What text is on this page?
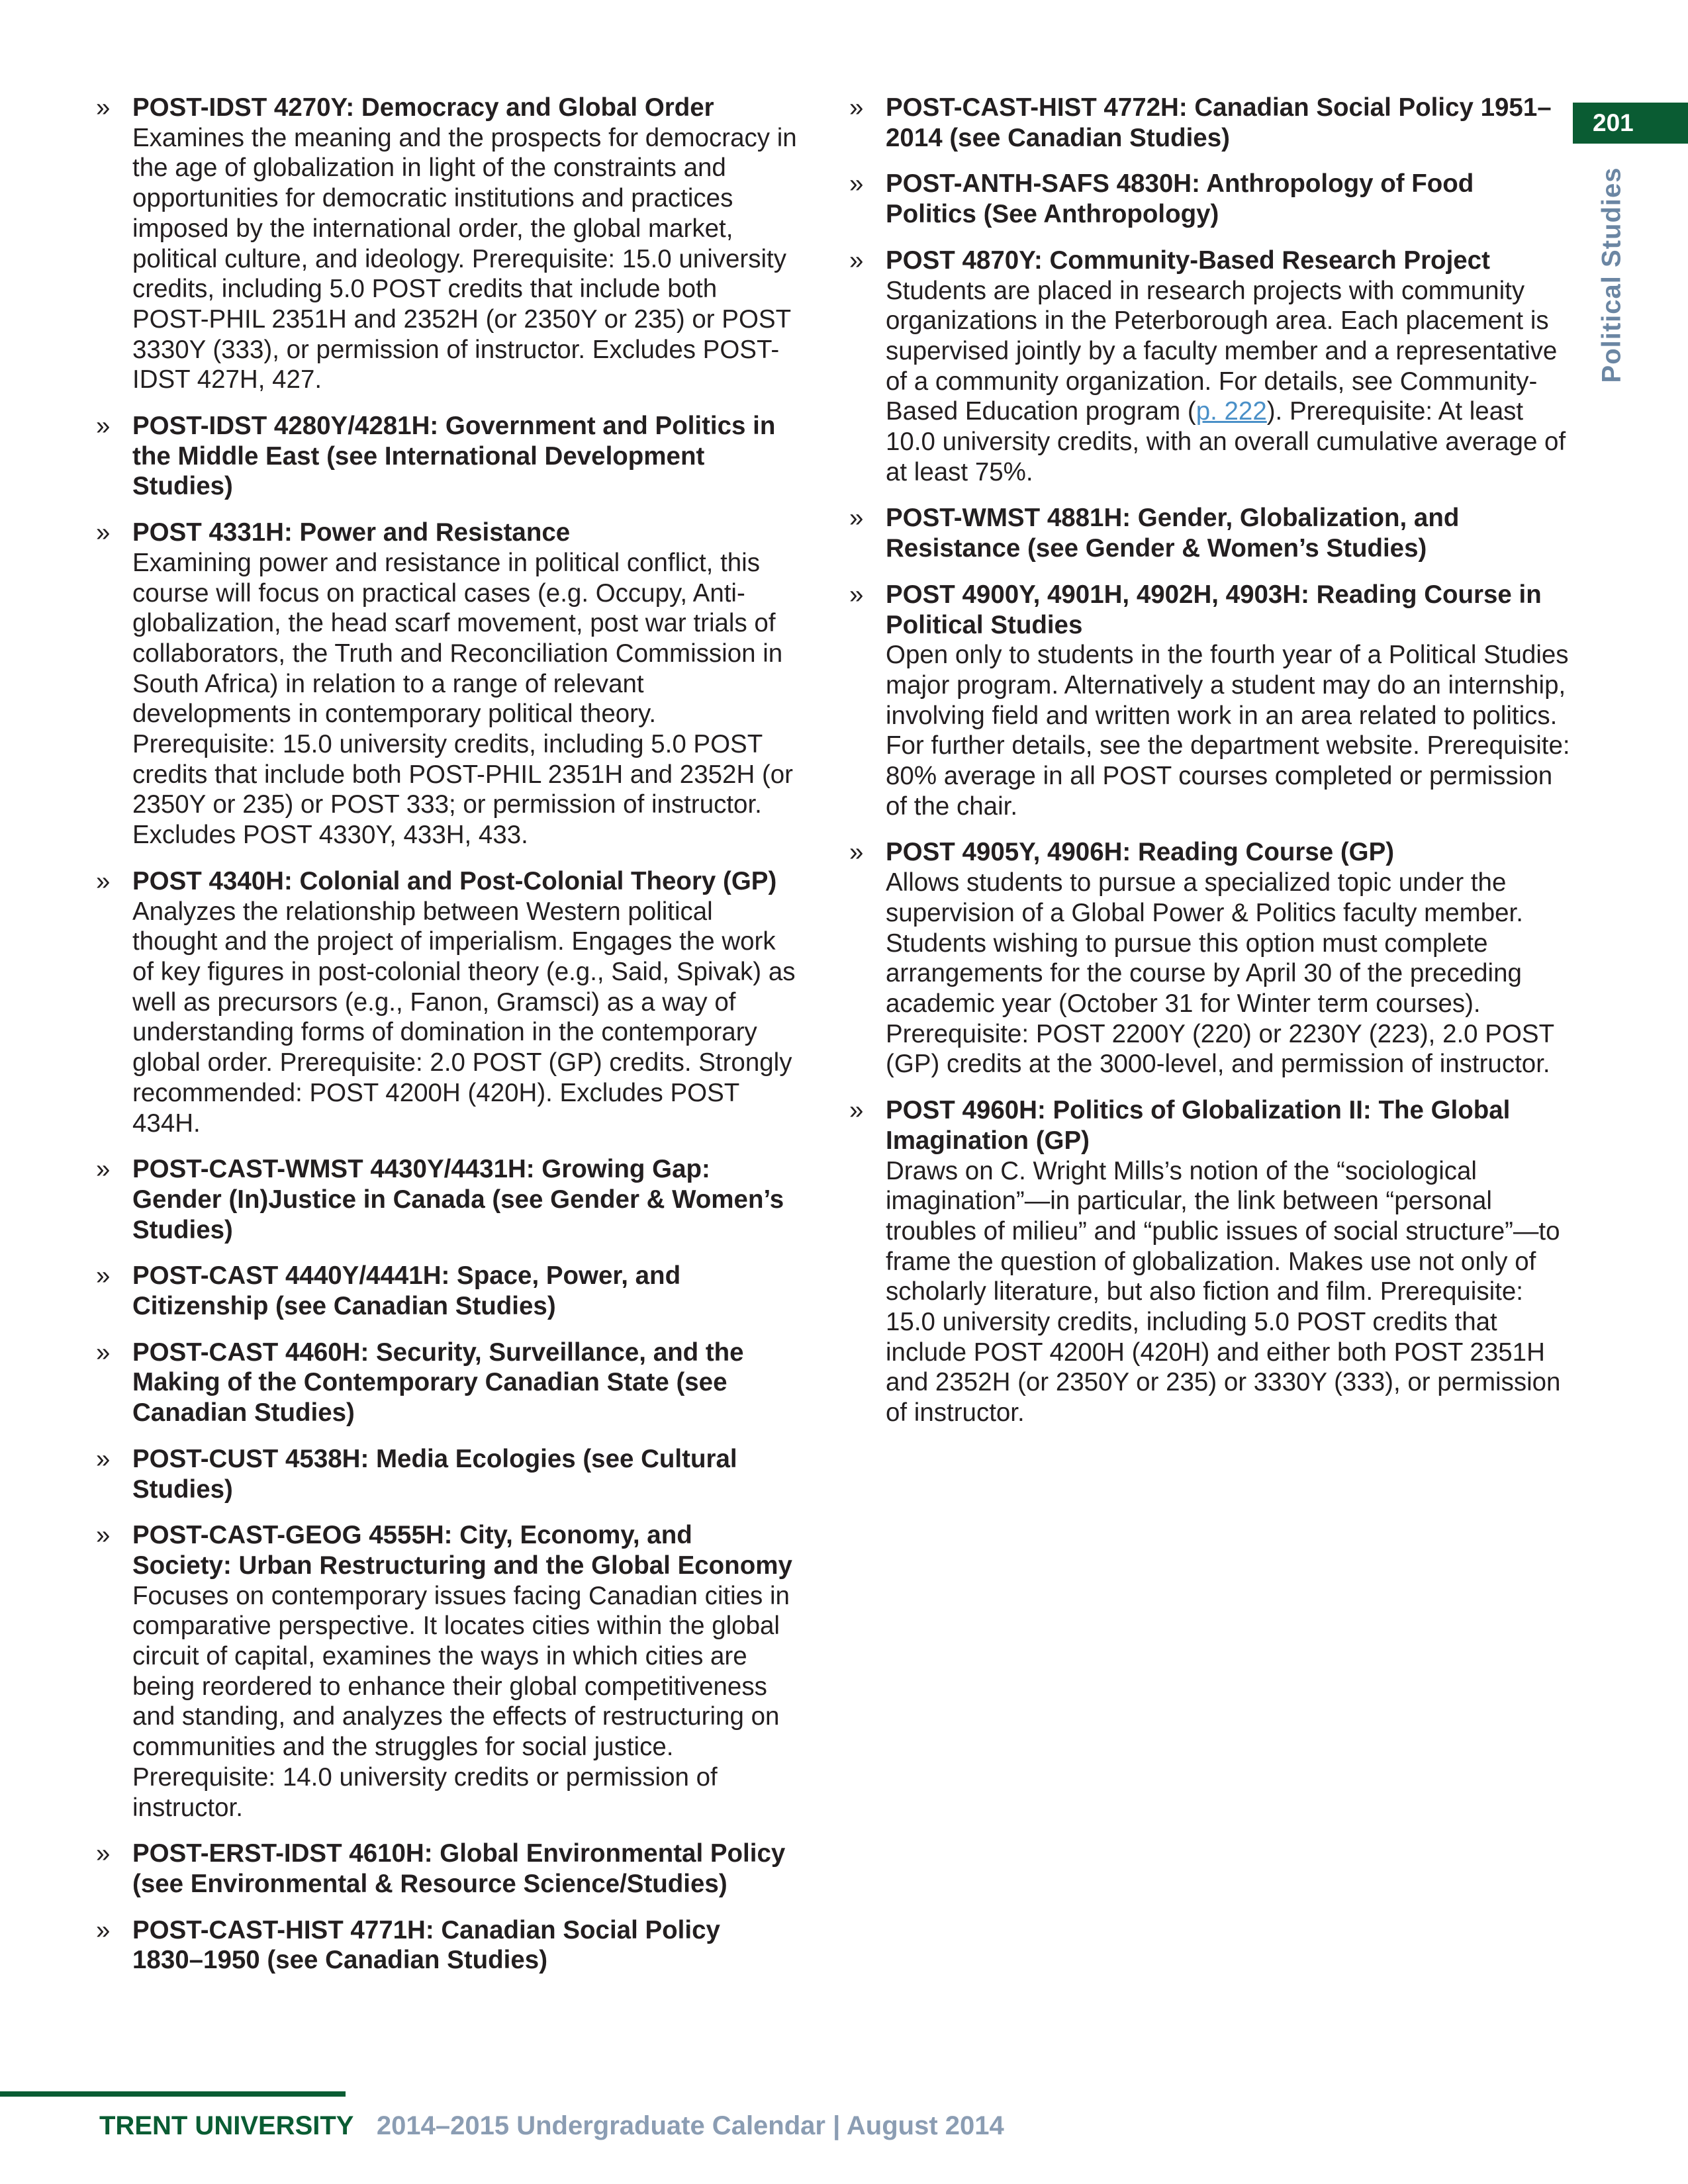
201
Political Studies
» POST-IDST 4270Y: Democracy and Global Order
Examines the meaning and the prospects for democracy in the age of globalization in light of the constraints and opportunities for democratic institutions and practices imposed by the international order, the global market, political culture, and ideology. Prerequisite: 15.0 university credits, including 5.0 POST credits that include both POST-PHIL 2351H and 2352H (or 2350Y or 235) or POST 3330Y (333), or permission of instructor. Excludes POST-IDST 427H, 427.
» POST-IDST 4280Y/4281H: Government and Politics in the Middle East (see International Development Studies)
» POST 4331H: Power and Resistance
Examining power and resistance in political conflict, this course will focus on practical cases (e.g. Occupy, Anti-globalization, the head scarf movement, post war trials of collaborators, the Truth and Reconciliation Commission in South Africa) in relation to a range of relevant developments in contemporary political theory. Prerequisite: 15.0 university credits, including 5.0 POST credits that include both POST-PHIL 2351H and 2352H (or 2350Y or 235) or POST 333; or permission of instructor. Excludes POST 4330Y, 433H, 433.
» POST 4340H: Colonial and Post-Colonial Theory (GP)
Analyzes the relationship between Western political thought and the project of imperialism. Engages the work of key figures in post-colonial theory (e.g., Said, Spivak) as well as precursors (e.g., Fanon, Gramsci) as a way of understanding forms of domination in the contemporary global order. Prerequisite: 2.0 POST (GP) credits. Strongly recommended: POST 4200H (420H). Excludes POST 434H.
» POST-CAST-WMST 4430Y/4431H: Growing Gap: Gender (In)Justice in Canada (see Gender & Women’s Studies)
» POST-CAST 4440Y/4441H: Space, Power, and Citizenship (see Canadian Studies)
» POST-CAST 4460H: Security, Surveillance, and the Making of the Contemporary Canadian State (see Canadian Studies)
» POST-CUST 4538H: Media Ecologies (see Cultural Studies)
» POST-CAST-GEOG 4555H: City, Economy, and Society: Urban Restructuring and the Global Economy
Focuses on contemporary issues facing Canadian cities in comparative perspective. It locates cities within the global circuit of capital, examines the ways in which cities are being reordered to enhance their global competitiveness and standing, and analyzes the effects of restructuring on communities and the struggles for social justice. Prerequisite: 14.0 university credits or permission of instructor.
» POST-ERST-IDST 4610H: Global Environmental Policy (see Environmental & Resource Science/Studies)
» POST-CAST-HIST 4771H: Canadian Social Policy 1830–1950 (see Canadian Studies)
» POST-CAST-HIST 4772H: Canadian Social Policy 1951–2014 (see Canadian Studies)
» POST-ANTH-SAFS 4830H: Anthropology of Food Politics (See Anthropology)
» POST 4870Y: Community-Based Research Project
Students are placed in research projects with community organizations in the Peterborough area. Each placement is supervised jointly by a faculty member and a representative of a community organization. For details, see Community-Based Education program (p. 222). Prerequisite: At least 10.0 university credits, with an overall cumulative average of at least 75%.
» POST-WMST 4881H: Gender, Globalization, and Resistance (see Gender & Women’s Studies)
» POST 4900Y, 4901H, 4902H, 4903H: Reading Course in Political Studies
Open only to students in the fourth year of a Political Studies major program. Alternatively a student may do an internship, involving field and written work in an area related to politics. For further details, see the department website. Prerequisite: 80% average in all POST courses completed or permission of the chair.
» POST 4905Y, 4906H: Reading Course (GP)
Allows students to pursue a specialized topic under the supervision of a Global Power & Politics faculty member. Students wishing to pursue this option must complete arrangements for the course by April 30 of the preceding academic year (October 31 for Winter term courses). Prerequisite: POST 2200Y (220) or 2230Y (223), 2.0 POST (GP) credits at the 3000-level, and permission of instructor.
» POST 4960H: Politics of Globalization II: The Global Imagination (GP)
Draws on C. Wright Mills’s notion of the “sociological imagination”—in particular, the link between “personal troubles of milieu” and “public issues of social structure”—to frame the question of globalization. Makes use not only of scholarly literature, but also fiction and film. Prerequisite: 15.0 university credits, including 5.0 POST credits that include POST 4200H (420H) and either both POST 2351H and 2352H (or 2350Y or 235) or 3330Y (333), or permission of instructor.
TRENT UNIVERSITY 2014–2015 Undergraduate Calendar | August 2014
